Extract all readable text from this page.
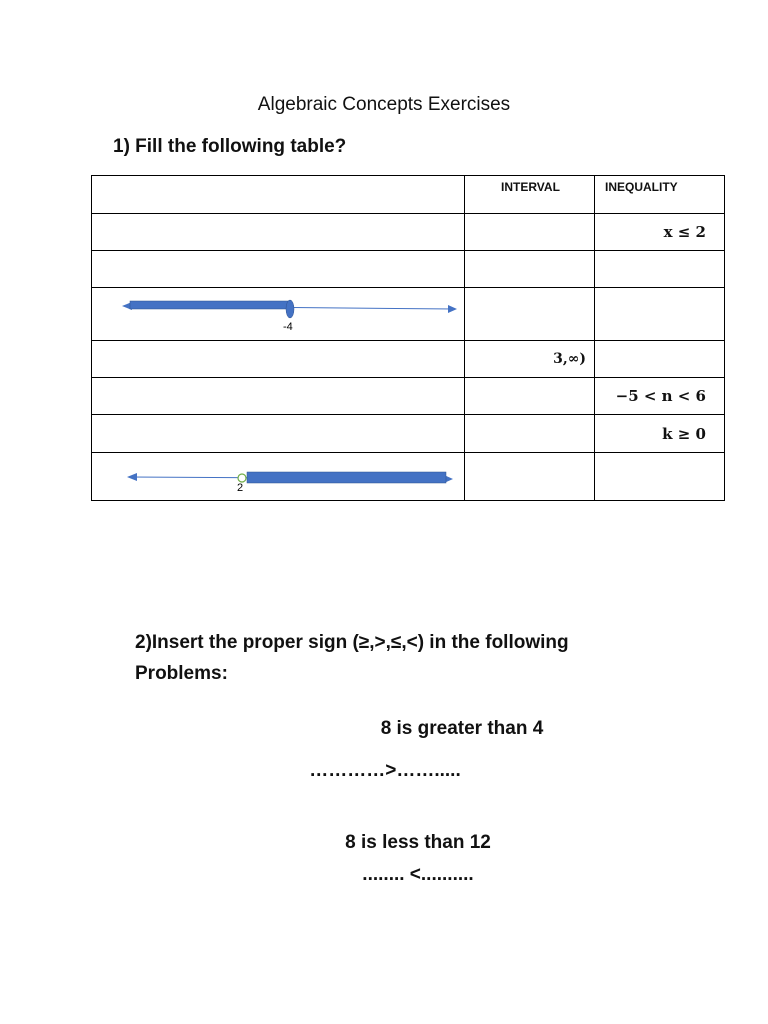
Algebraic Concepts Exercises
1) Fill the following table?
	INTERVAL	INEQUALITY

		x ≤ 2

-4		

	3,∞)	

		−5 < n < 6

		k ≥ 0

2		

2)Insert the proper sign (≥,>,≤,<) in the following
Problems:
8 is greater than 4
…………>…….....
8 is less than 12
........ <..........
